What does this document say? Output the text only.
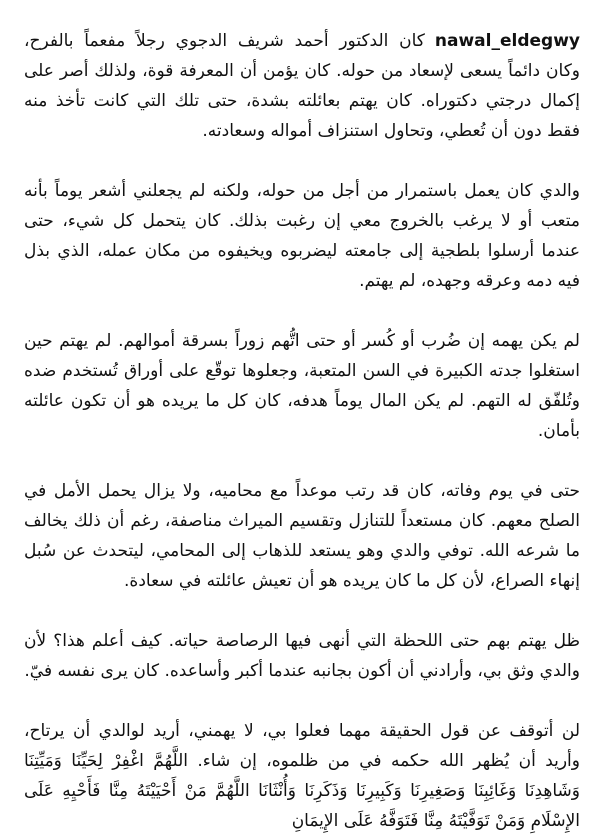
nawal_eldegwy
كان الدكتور أحمد شريف الدجوي رجلاً مفعماً بالفرح، وكان دائماً يسعى لإسعاد من حوله. كان يؤمن أن المعرفة قوة، ولذلك أصر على إكمال درجتي دكتوراه. كان يهتم بعائلته بشدة، حتى تلك التي كانت تأخذ منه فقط دون أن تُعطي، وتحاول استنزاف أمواله وسعادته.

والدي كان يعمل باستمرار من أجل من حوله، ولكنه لم يجعلني أشعر يوماً بأنه متعب أو لا يرغب بالخروج معي إن رغبت بذلك. كان يتحمل كل شيء، حتى عندما أرسلوا بلطجية إلى جامعته ليضربوه ويخيفوه من مكان عمله، الذي بذل فيه دمه وعرقه وجهده، لم يهتم.

لم يكن يهمه إن ضُرب أو كُسر أو حتى اتُّهم زوراً بسرقة أموالهم. لم يهتم حين استغلوا جدته الكبيرة في السن المتعبة، وجعلوها توقّع على أوراق تُستخدم ضده وتُلفّق له التهم. لم يكن المال يوماً هدفه، كان كل ما يريده هو أن تكون عائلته بأمان.

حتى في يوم وفاته، كان قد رتب موعداً مع محاميه، ولا يزال يحمل الأمل في الصلح معهم. كان مستعداً للتنازل وتقسيم الميراث مناصفة، رغم أن ذلك يخالف ما شرعه الله. توفي والدي وهو يستعد للذهاب إلى المحامي، ليتحدث عن سُبل إنهاء الصراع، لأن كل ما كان يريده هو أن تعيش عائلته في سعادة.

ظل يهتم بهم حتى اللحظة التي أنهى فيها الرصاصة حياته. كيف أعلم هذا؟ لأن والدي وثق بي، وأرادني أن أكون بجانبه عندما أكبر وأساعده. كان يرى نفسه فيّ.

لن أتوقف عن قول الحقيقة مهما فعلوا بي، لا يهمني، أريد لوالدي أن يرتاح، وأريد أن يُظهر الله حكمه في من ظلموه، إن شاء. اللَّهُمَّ اغْفِرْ لِحَيِّنَا وَمَيِّتِنَا وَشَاهِدِنَا وَغَائِبِنَا وَصَغِيرِنَا وَكَبِيرِنَا وَذَكَرِنَا وَأُنْثَانَا اللَّهُمَّ مَنْ أَحْيَيْتَهُ مِنَّا فَأَحْيِهِ عَلَى الإِسْلَامِ وَمَنْ تَوَفَّيْتَهُ مِنَّا فَتَوَفَّهُ عَلَى الإِيمَانِ
